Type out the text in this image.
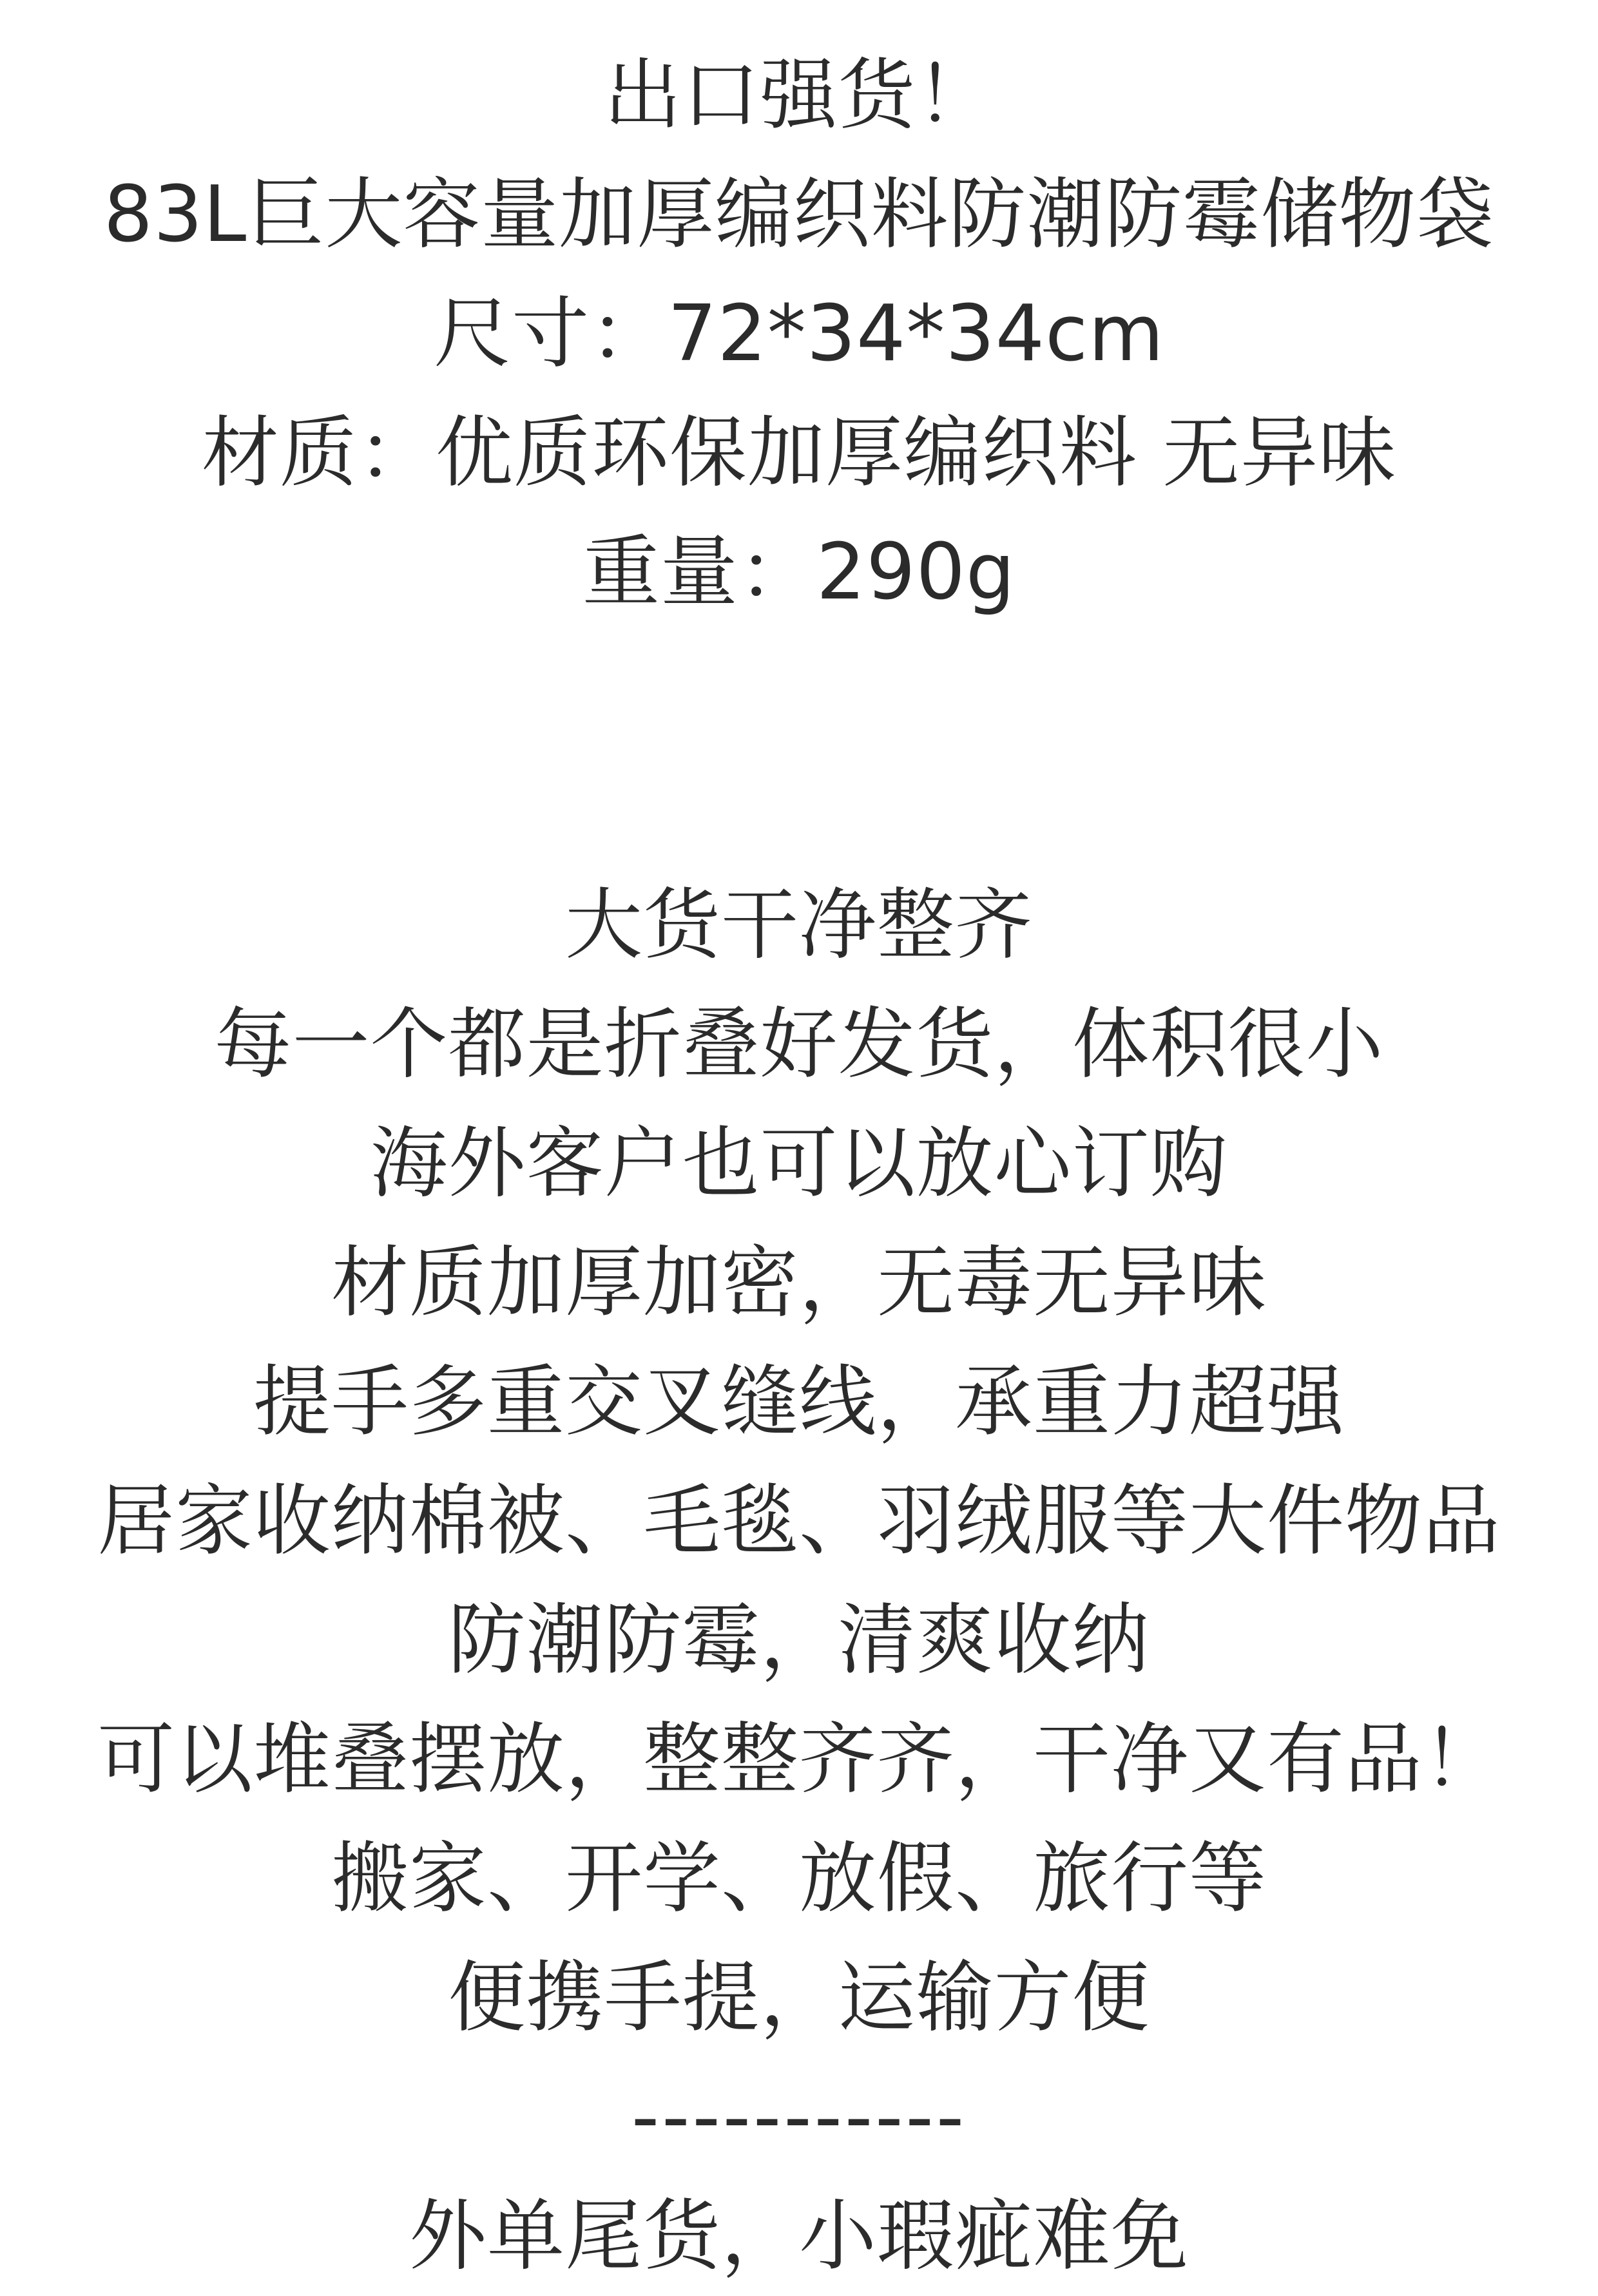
出口强货！
83L巨大容量加厚编织料防潮防霉储物袋
尺寸：72*34*34cm
材质：优质环保加厚编织料 无异味
重量：290g
大货干净整齐
每一个都是折叠好发货，体积很小
海外客户也可以放心订购
材质加厚加密，无毒无异味
提手多重交叉缝线，承重力超强
居家收纳棉被、毛毯、羽绒服等大件物品
防潮防霉，清爽收纳
可以堆叠摆放，整整齐齐，干净又有品！
搬家、开学、放假、旅行等
便携手提，运输方便
-----------
外单尾货，小瑕疵难免
